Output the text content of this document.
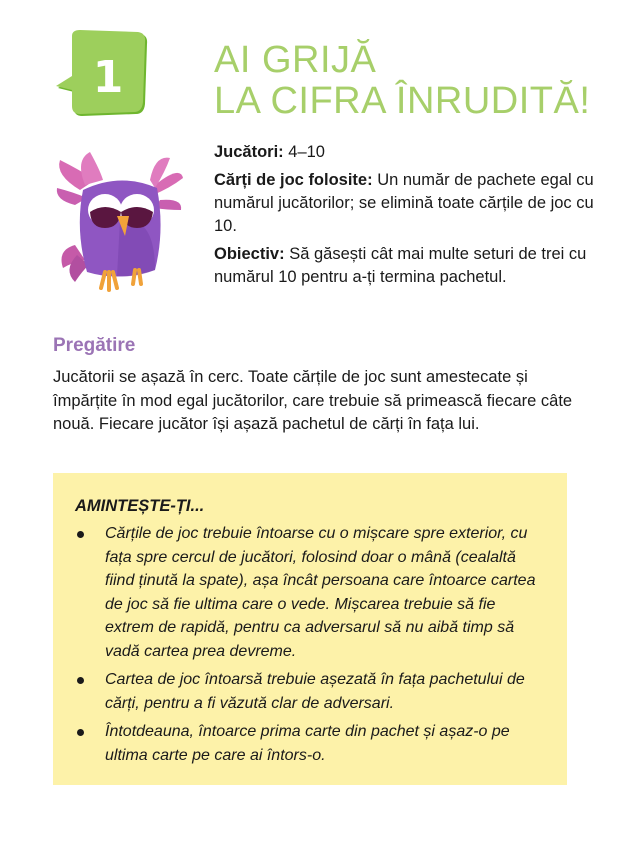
1 AI GRIJĂ
LA CIFRA ÎNRUDITĂ!

Jucători: 4–10

Cărți de joc folosite: Un număr de pachete egal cu numărul jucătorilor; se elimină toate cărțile de joc cu 10.

Obiectiv: Să găsești cât mai multe seturi de trei cu numărul 10 pentru a-ți termina pachetul.

Pregătire

Jucătorii se așază în cerc. Toate cărțile de joc sunt amestecate și împărțite în mod egal jucătorilor, care trebuie să primească fiecare câte nouă. Fiecare jucător își așază pachetul de cărți în fața lui.

AMINTEȘTE-ȚI...
Cărțile de joc trebuie întoarse cu o mișcare spre exterior, cu fața spre cercul de jucători, folosind doar o mână (cealaltă fiind ținută la spate), așa încât persoana care întoarce cartea de joc să fie ultima care o vede. Mișcarea trebuie să fie extrem de rapidă, pentru ca adversarul să nu aibă timp să vadă cartea prea devreme.
Cartea de joc întoarsă trebuie așezată în fața pachetului de cărți, pentru a fi văzută clar de adversari.
Întotdeauna, întoarce prima carte din pachet și așaz-o pe ultima carte pe care ai întors-o.
